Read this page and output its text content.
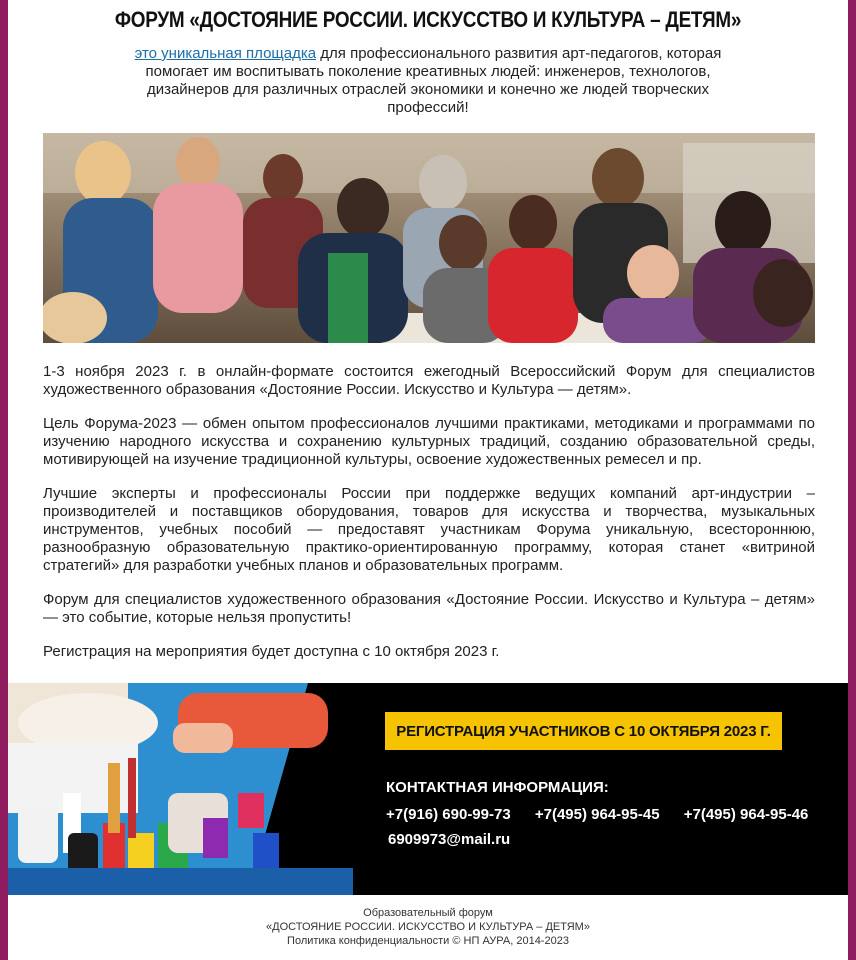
ФОРУМ «ДОСТОЯНИЕ РОССИИ. ИСКУССТВО И КУЛЬТУРА – ДЕТЯМ»

это уникальная площадка для профессионального развития арт-педагогов, которая помогает им воспитывать поколение креативных людей: инженеров, технологов, дизайнеров для различных отраслей экономики и конечно же людей творческих профессий!

1-3 ноября 2023 г. в онлайн-формате состоится ежегодный Всероссийский Форум для специалистов художественного образования «Достояние России. Искусство и Культура — детям».

Цель Форума-2023 — обмен опытом профессионалов лучшими практиками, методиками и программами по изучению народного искусства и сохранению культурных традиций, созданию образовательной среды, мотивирующей на изучение традиционной культуры, освоение художественных ремесел и пр.

Лучшие эксперты и профессионалы России при поддержке ведущих компаний арт-индустрии – производителей и поставщиков оборудования, товаров для искусства и творчества, музыкальных инструментов, учебных пособий — предоставят участникам Форума уникальную, всестороннюю, разнообразную образовательную практико-ориентированную программу, которая станет «витриной стратегий» для разработки учебных планов и образовательных программ.

Форум для специалистов художественного образования «Достояние России. Искусство и Культура – детям» — это событие, которые нельзя пропустить!

Регистрация на мероприятия будет доступна с 10 октября 2023 г.

РЕГИСТРАЦИЯ УЧАСТНИКОВ С 10 ОКТЯБРЯ 2023 Г.
КОНТАКТНАЯ ИНФОРМАЦИЯ:
+7(916) 690-99-73 +7(495) 964-95-45 +7(495) 964-95-46
6909973@mail.ru
Образовательный форум
«ДОСТОЯНИЕ РОССИИ. ИСКУССТВО И КУЛЬТУРА – ДЕТЯМ»
Политика конфиденциальности © НП АУРА, 2014-2023
